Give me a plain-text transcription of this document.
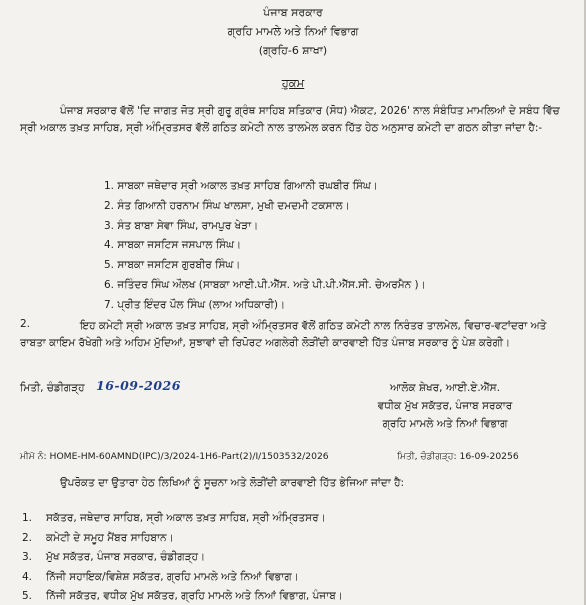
ਪੰਜਾਬ ਸਰਕਾਰ
ਗ੍ਰਹਿ ਮਾਮਲੇ ਅਤੇ ਨਿਆਂ ਵਿਭਾਗ
(ਗ੍ਰਹਿ-6 ਸ਼ਾਖਾ)
ਹੁਕਮ
ਪੰਜਾਬ ਸਰਕਾਰ ਵੱਲੋਂ 'ਦਿ ਜਾਗਤ ਜੋਤ ਸ੍ਰੀ ਗੁਰੂ ਗ੍ਰੰਥ ਸਾਹਿਬ ਸਤਿਕਾਰ (ਸੋਧ) ਐਕਟ, 2026' ਨਾਲ ਸੰਬੰਧਿਤ ਮਾਮਲਿਆਂ ਦੇ ਸਬੰਧ ਵਿੱਚ ਸ੍ਰੀ ਅਕਾਲ ਤਖ਼ਤ ਸਾਹਿਬ, ਸ੍ਰੀ ਅੰਮ੍ਰਿਤਸਰ ਵੱਲੋਂ ਗਠਿਤ ਕਮੇਟੀ ਨਾਲ ਤਾਲਮੇਲ ਕਰਨ ਹਿੱਤ ਹੇਠ ਅਨੁਸਾਰ ਕਮੇਟੀ ਦਾ ਗਠਨ ਕੀਤਾ ਜਾਂਦਾ ਹੈ:-
1. ਸਾਬਕਾ ਜਥੇਦਾਰ ਸ੍ਰੀ ਅਕਾਲ ਤਖ਼ਤ ਸਾਹਿਬ ਗਿਆਨੀ ਰਘਬੀਰ ਸਿੰਘ।
2. ਸੰਤ ਗਿਆਨੀ ਹਰਨਾਮ ਸਿੰਘ ਖਾਲਸਾ, ਮੁਖੀ ਦਮਦਮੀ ਟਕਸਾਲ।
3. ਸੰਤ ਬਾਬਾ ਸੇਵਾ ਸਿੰਘ, ਰਾਮਪੁਰ ਖੇੜਾ।
4. ਸਾਬਕਾ ਜਸਟਿਸ ਜਸਪਾਲ ਸਿੰਘ।
5. ਸਾਬਕਾ ਜਸਟਿਸ ਗੁਰਬੀਰ ਸਿੰਘ।
6. ਜਤਿੰਦਰ ਸਿੰਘ ਔਲਖ (ਸਾਬਕਾ ਆਈ.ਪੀ.ਐੱਸ. ਅਤੇ ਪੀ.ਪੀ.ਐੱਸ.ਸੀ. ਚੇਅਰਮੈਨ )।
7. ਪ੍ਰੀਤ ਇੰਦਰ ਪੌਲ ਸਿੰਘ (ਲਾਅ ਅਧਿਕਾਰੀ)।
2.	ਇਹ ਕਮੇਟੀ ਸ੍ਰੀ ਅਕਾਲ ਤਖ਼ਤ ਸਾਹਿਬ, ਸ੍ਰੀ ਅੰਮ੍ਰਿਤਸਰ ਵੱਲੋਂ ਗਠਿਤ ਕਮੇਟੀ ਨਾਲ ਨਿਰੰਤਰ ਤਾਲਮੇਲ, ਵਿਚਾਰ-ਵਟਾਂਦਰਾ ਅਤੇ ਰਾਬਤਾ ਕਾਇਮ ਰੱਖੇਗੀ ਅਤੇ ਅਹਿਮ ਮੁੱਦਿਆਂ, ਸੁਝਾਵਾਂ ਦੀ ਰਿਪੋਰਟ ਅਗਲੇਰੀ ਲੋੜੀਂਦੀ ਕਾਰਵਾਈ ਹਿੱਤ ਪੰਜਾਬ ਸਰਕਾਰ ਨੂੰ ਪੇਸ਼ ਕਰੇਗੀ।
ਮਿਤੀ, ਚੰਡੀਗੜ੍ਹ 16-09-2026	ਆਲੋਕ ਸ਼ੇਖਰ, ਆਈ.ਏ.ਐੱਸ.
ਵਧੀਕ ਮੁੱਖ ਸਕੱਤਰ, ਪੰਜਾਬ ਸਰਕਾਰ
ਗ੍ਰਹਿ ਮਾਮਲੇ ਅਤੇ ਨਿਆਂ ਵਿਭਾਗ
ਮੀਮੋ ਨੰ: HOME-HM-60AMND(IPC)/3/2024-1H6-Part(2)/I/1503532/2026	ਮਿਤੀ, ਚੰਡੀਗੜ੍ਹ: 16-09-20256
ਉਪਰੋਕਤ ਦਾ ਉਤਾਰਾ ਹੇਠ ਲਿਖਿਆਂ ਨੂੰ ਸੂਚਨਾ ਅਤੇ ਲੋੜੀਂਦੀ ਕਾਰਵਾਈ ਹਿੱਤ ਭੇਜਿਆ ਜਾਂਦਾ ਹੈ:
1. ਸਕੱਤਰ, ਜਥੇਦਾਰ ਸਾਹਿਬ, ਸ੍ਰੀ ਅਕਾਲ ਤਖ਼ਤ ਸਾਹਿਬ, ਸ੍ਰੀ ਅੰਮ੍ਰਿਤਸਰ।
2. ਕਮੇਟੀ ਦੇ ਸਮੂਹ ਮੈਂਬਰ ਸਾਹਿਬਾਨ।
3. ਮੁੱਖ ਸਕੱਤਰ, ਪੰਜਾਬ ਸਰਕਾਰ, ਚੰਡੀਗੜ੍ਹ।
4. ਨਿੱਜੀ ਸਹਾਇਕ/ਵਿਸ਼ੇਸ਼ ਸਕੱਤਰ, ਗ੍ਰਹਿ ਮਾਮਲੇ ਅਤੇ ਨਿਆਂ ਵਿਭਾਗ।
5. ਨਿੱਜੀ ਸਕੱਤਰ, ਵਧੀਕ ਮੁੱਖ ਸਕੱਤਰ, ਗ੍ਰਹਿ ਮਾਮਲੇ ਅਤੇ ਨਿਆਂ ਵਿਭਾਗ, ਪੰਜਾਬ।
